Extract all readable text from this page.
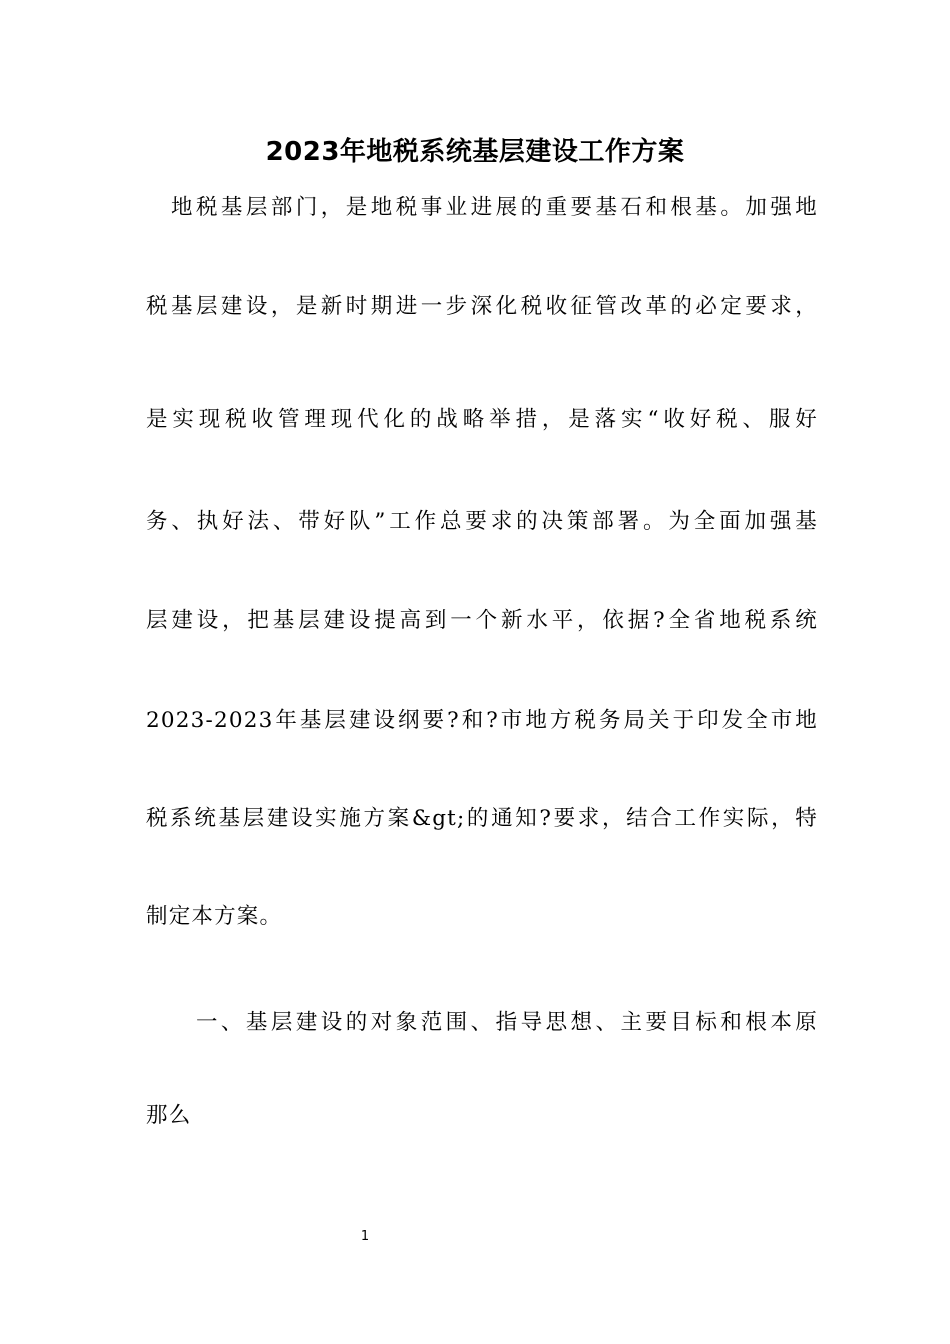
2023年地税系统基层建设工作方案
　地税基层部门，是地税事业进展的重要基石和根基。加强地
税基层建设，是新时期进一步深化税收征管改革的必定要求，
是实现税收管理现代化的战略举措，是落实“收好税、服好
务、执好法、带好队”工作总要求的决策部署。为全面加强基
层建设，把基层建设提高到一个新水平，依据?全省地税系统
2023-2023年基层建设纲要?和?市地方税务局关于印发全市地
税系统基层建设实施方案&gt;的通知?要求，结合工作实际，特
制定本方案。
　　一、基层建设的对象范围、指导思想、主要目标和根本原
那么
1
